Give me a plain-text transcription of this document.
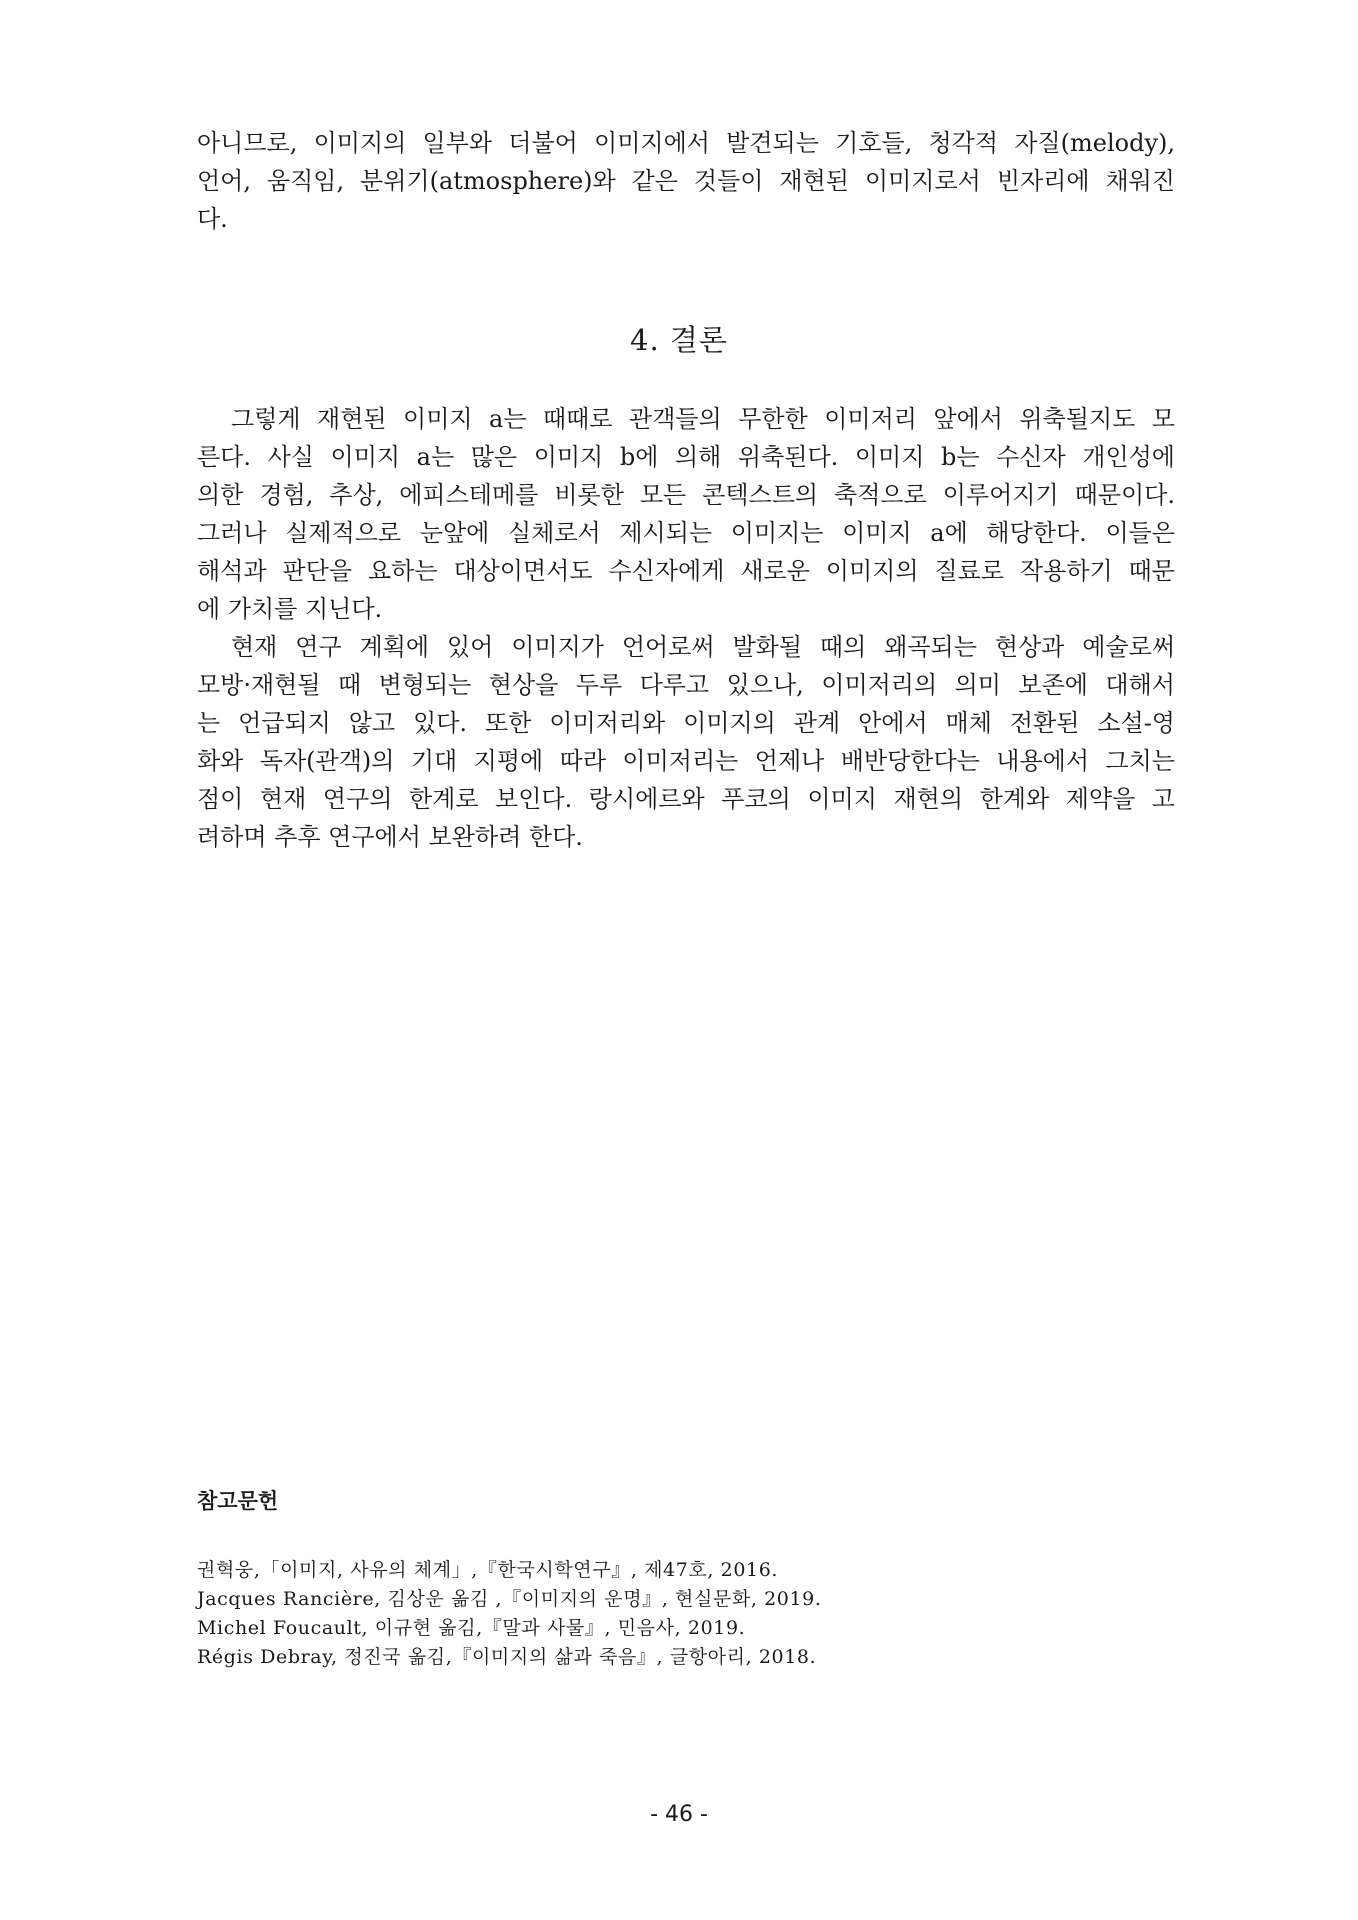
아니므로, 이미지의 일부와 더불어 이미지에서 발견되는 기호들, 청각적 자질(melody),
언어, 움직임, 분위기(atmosphere)와 같은 것들이 재현된 이미지로서 빈자리에 채워진
다.
4. 결론
그렇게 재현된 이미지 a는 때때로 관객들의 무한한 이미저리 앞에서 위축될지도 모
른다. 사실 이미지 a는 많은 이미지 b에 의해 위축된다. 이미지 b는 수신자 개인성에
의한 경험, 추상, 에피스테메를 비롯한 모든 콘텍스트의 축적으로 이루어지기 때문이다.
그러나 실제적으로 눈앞에 실체로서 제시되는 이미지는 이미지 a에 해당한다. 이들은
해석과 판단을 요하는 대상이면서도 수신자에게 새로운 이미지의 질료로 작용하기 때문
에 가치를 지닌다.
현재 연구 계획에 있어 이미지가 언어로써 발화될 때의 왜곡되는 현상과 예술로써
모방·재현될 때 변형되는 현상을 두루 다루고 있으나, 이미저리의 의미 보존에 대해서
는 언급되지 않고 있다. 또한 이미저리와 이미지의 관계 안에서 매체 전환된 소설-영
화와 독자(관객)의 기대 지평에 따라 이미저리는 언제나 배반당한다는 내용에서 그치는
점이 현재 연구의 한계로 보인다. 랑시에르와 푸코의 이미지 재현의 한계와 제약을 고
려하며 추후 연구에서 보완하려 한다.
참고문헌
권혁웅,「이미지, 사유의 체계」,『한국시학연구』, 제47호, 2016.
Jacques Rancière, 김상운 옮김 ,『이미지의 운명』, 현실문화, 2019.
Michel Foucault, 이규현 옮김,『말과 사물』, 민음사, 2019.
Régis Debray, 정진국 옮김,『이미지의 삶과 죽음』, 글항아리, 2018.
- 46 -
